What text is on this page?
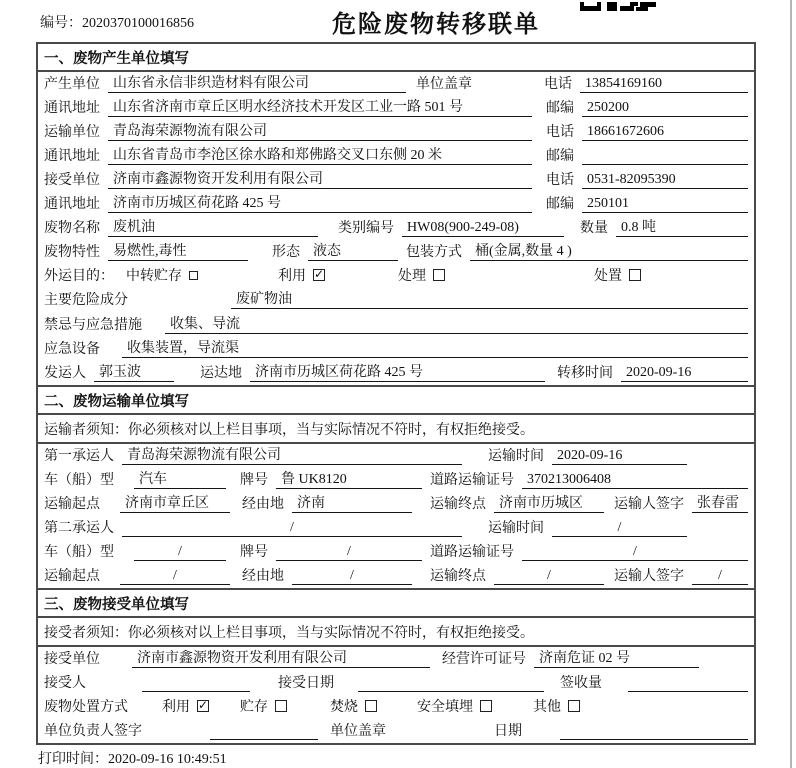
编号：2020370100016856	危险废物转移联单
一、废物产生单位填写
产生单位 山东省永信非织造材料有限公司	单位盖章	电话 13854169160
通讯地址 山东省济南市章丘区明水经济技术开发区工业一路 501 号	邮编 250200
运输单位 青岛海荣源物流有限公司	电话 18661672606
通讯地址 山东省青岛市李沧区徐水路和郑佛路交叉口东侧 20 米	邮编
接受单位 济南市鑫源物资开发利用有限公司	电话 0531-82095390
通讯地址 济南市历城区荷花路 425 号	邮编 250101
废物名称 废机油	类别编号 HW08(900-249-08)	数量 0.8 吨
废物特性 易燃性,毒性	形态 液态	包装方式 桶(金属,数量 4 )
外运目的： 中转贮存	利用 ✓	处理	处置
主要危险成分	废矿物油
禁忌与应急措施	收集、导流
应急设备	收集装置，导流渠
发运人 郭玉波	运达地 济南市历城区荷花路 425 号	转移时间 2020-09-16
二、废物运输单位填写
运输者须知：你必须核对以上栏目事项，当与实际情况不符时，有权拒绝接受。
第一承运人 青岛海荣源物流有限公司	运输时间 2020-09-16
车（船）型	汽车	牌号 鲁 UK8120	道路运输证号 370213006408
运输起点	济南市章丘区	经由地 济南	运输终点 济南市历城区	运输人签字 张春雷
第二承运人	/	运输时间	/
车（船）型	/	牌号	/	道路运输证号	/
运输起点	/	经由地	/	运输终点	/	运输人签字	/
三、废物接受单位填写
接受者须知：你必须核对以上栏目事项，当与实际情况不符时，有权拒绝接受。
接受单位	济南市鑫源物资开发利用有限公司	经营许可证号 济南危证 02 号
接受人	接受日期	签收量
废物处置方式 利用 ✓	贮存	焚烧	安全填埋	其他
单位负责人签字	单位盖章	日期
打印时间：2020-09-16 10:49:51
